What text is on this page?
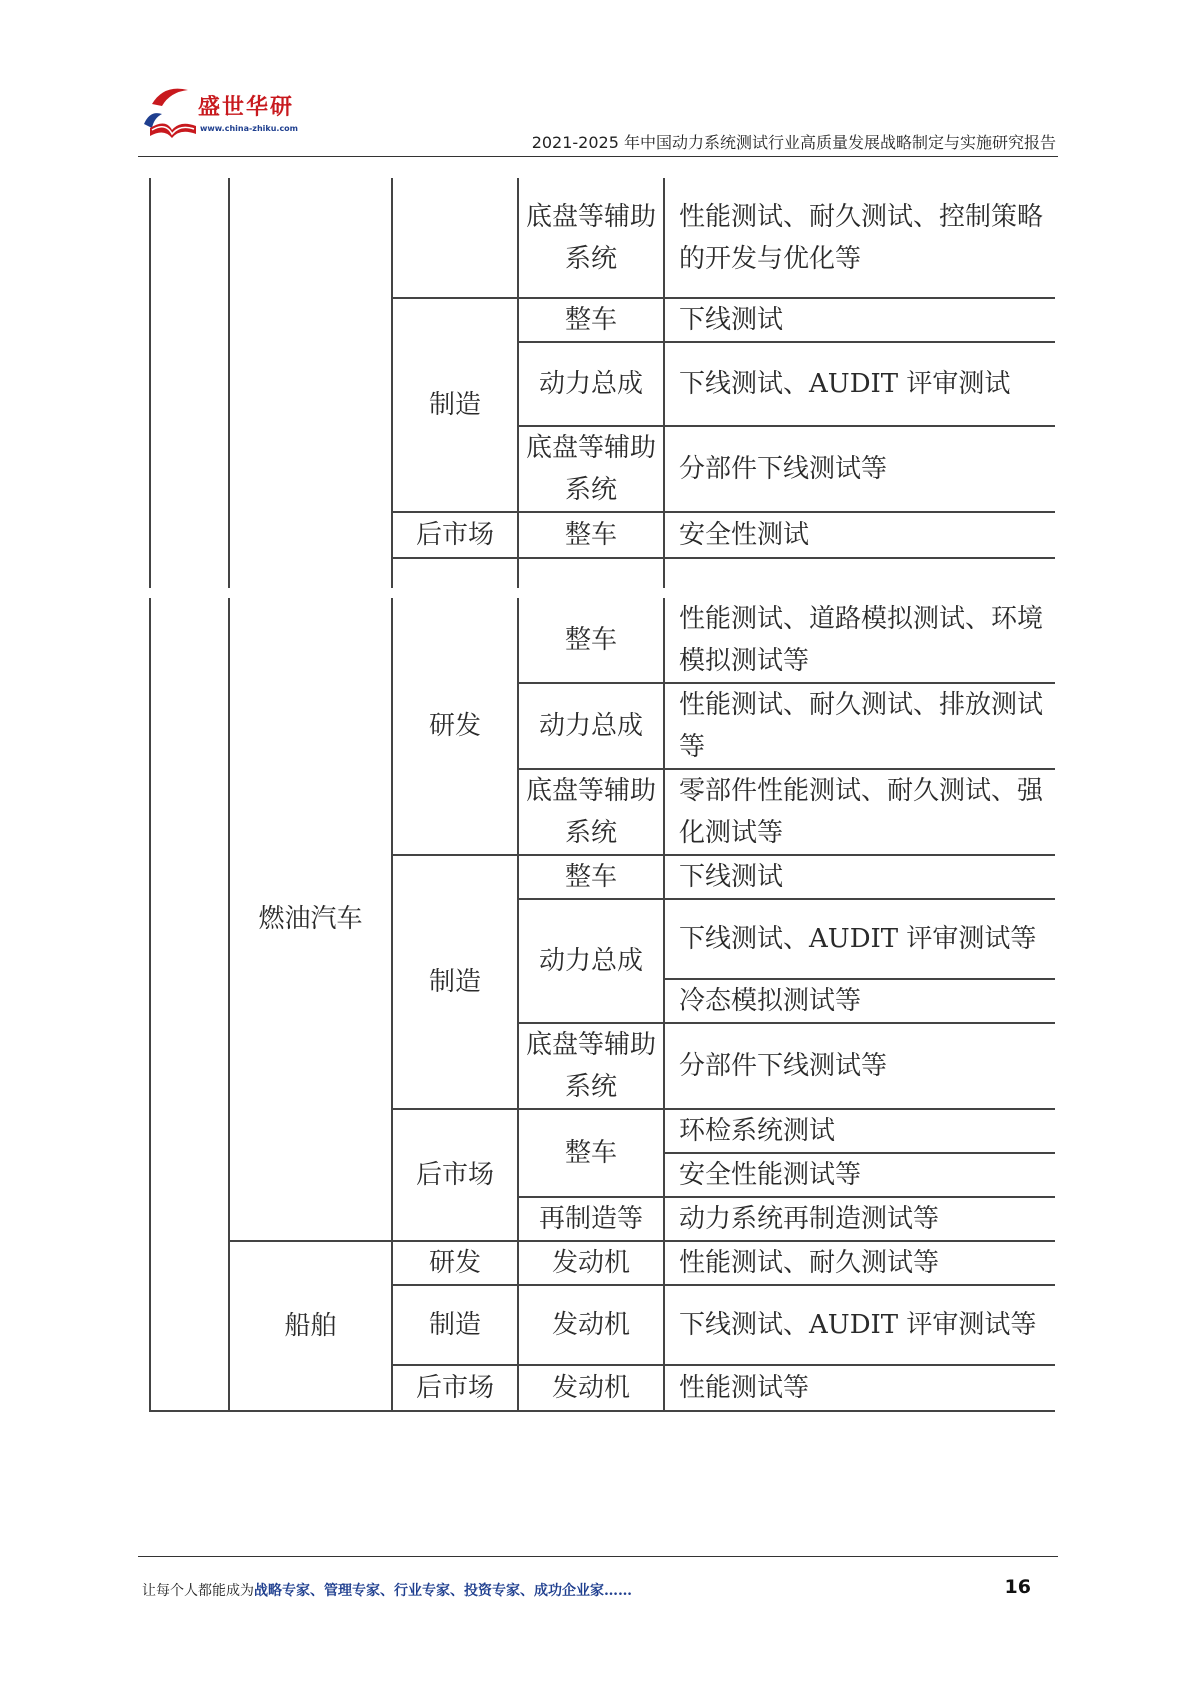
盛世华研
www.china-zhiku.com
2021-2025 年中国动力系统测试行业高质量发展战略制定与实施研究报告
			底盘等辅助系统	性能测试、耐久测试、控制策略的开发与优化等
		制造	整车	下线测试
			动力总成	下线测试、AUDIT 评审测试
			底盘等辅助系统	分部件下线测试等
		后市场	整车	安全性测试

	燃油汽车	研发	整车	性能测试、道路模拟测试、环境模拟测试等
			动力总成	性能测试、耐久测试、排放测试等
			底盘等辅助系统	零部件性能测试、耐久测试、强化测试等
		制造	整车	下线测试
			动力总成	下线测试、AUDIT 评审测试等
				冷态模拟测试等
			底盘等辅助系统	分部件下线测试等
		后市场	整车	环检系统测试
				安全性能测试等
			再制造等	动力系统再制造测试等
	船舶	研发	发动机	性能测试、耐久测试等
		制造	发动机	下线测试、AUDIT 评审测试等
		后市场	发动机	性能测试等
让每个人都能成为战略专家、管理专家、行业专家、投资专家、成功企业家……	16
